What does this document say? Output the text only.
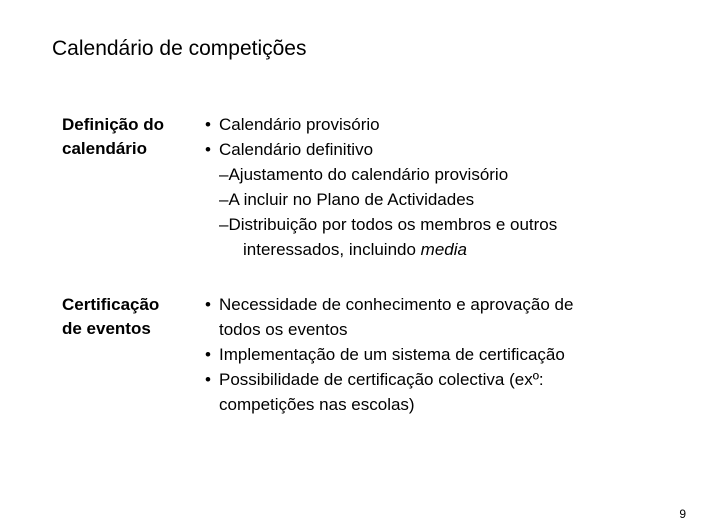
Calendário de competições
Definição do
calendário
• Calendário provisório
• Calendário definitivo
–Ajustamento do calendário provisório
–A incluir no Plano de Actividades
–Distribuição por todos os membros e outros
interessados, incluindo media
Certificação
de eventos
• Necessidade de conhecimento e aprovação de
todos os eventos
• Implementação de um sistema de certificação
• Possibilidade de certificação colectiva (exº:
competições nas escolas)
9
